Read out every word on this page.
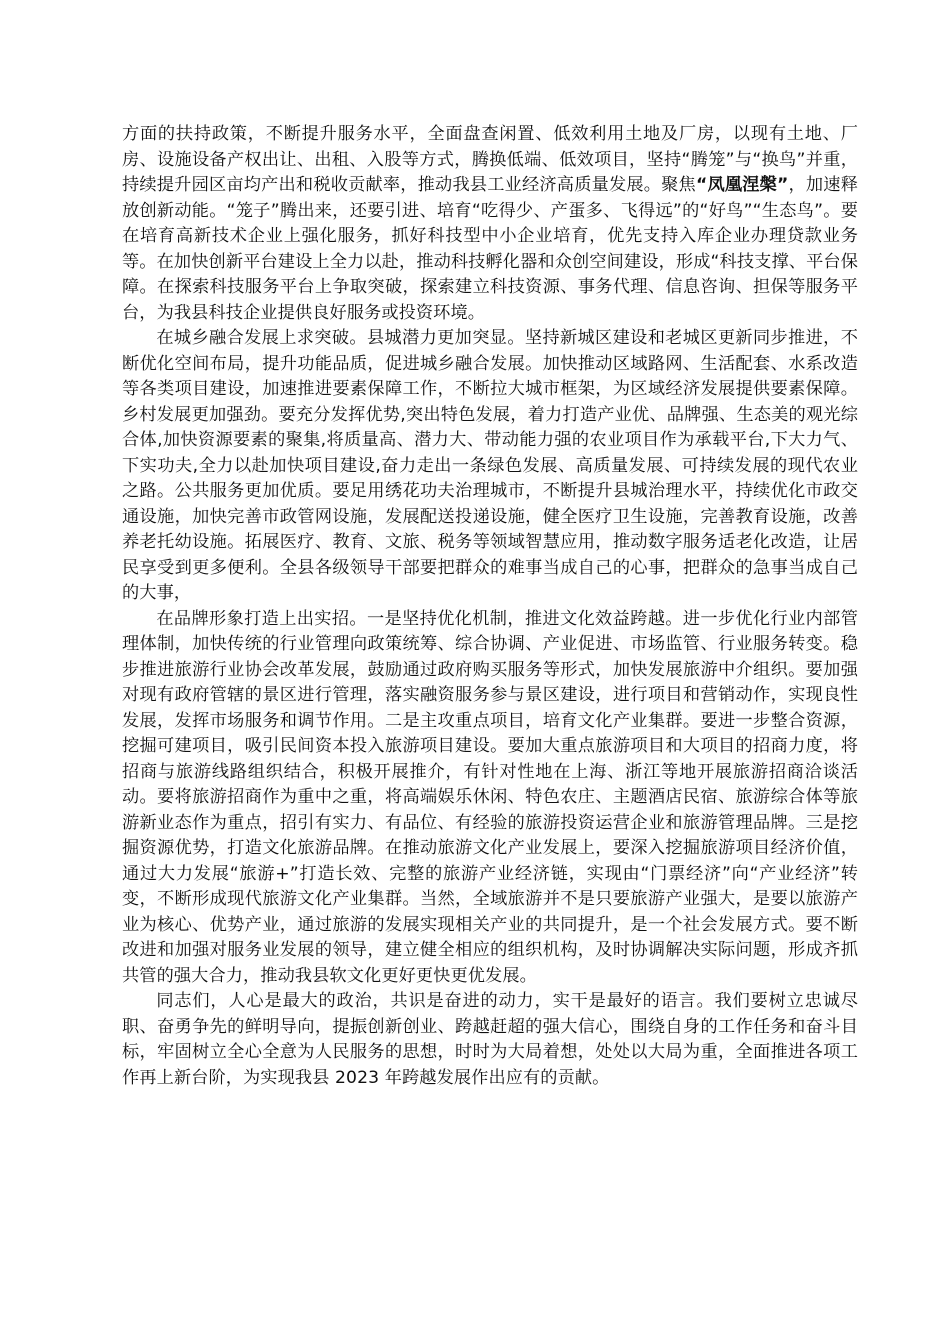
方面的扶持政策，不断提升服务水平，全面盘查闲置、低效利用土地及厂房，以现有土地、厂房、设施设备产权出让、出租、入股等方式，腾换低端、低效项目，坚持“腾笼”与“换鸟”并重，持续提升园区亩均产出和税收贡献率，推动我县工业经济高质量发展。聚焦“凤凰涅槃”，加速释放创新动能。“笼子”腾出来，还要引进、培育“吃得少、产蛋多、飞得远”的“好鸟”“生态鸟”。要在培育高新技术企业上强化服务，抓好科技型中小企业培育，优先支持入库企业办理贷款业务等。在加快创新平台建设上全力以赴，推动科技孵化器和众创空间建设，形成“科技支撑、平台保障。在探索科技服务平台上争取突破，探索建立科技资源、事务代理、信息咨询、担保等服务平台，为我县科技企业提供良好服务或投资环境。

在城乡融合发展上求突破。县城潜力更加突显。坚持新城区建设和老城区更新同步推进，不断优化空间布局，提升功能品质，促进城乡融合发展。加快推动区域路网、生活配套、水系改造等各类项目建设，加速推进要素保障工作，不断拉大城市框架，为区域经济发展提供要素保障。乡村发展更加强劲。要充分发挥优势,突出特色发展，着力打造产业优、品牌强、生态美的观光综合体,加快资源要素的聚集,将质量高、潜力大、带动能力强的农业项目作为承载平台,下大力气、下实功夫,全力以赴加快项目建设,奋力走出一条绿色发展、高质量发展、可持续发展的现代农业之路。公共服务更加优质。要足用绣花功夫治理城市，不断提升县城治理水平，持续优化市政交通设施，加快完善市政管网设施，发展配送投递设施，健全医疗卫生设施，完善教育设施，改善养老托幼设施。拓展医疗、教育、文旅、税务等领域智慧应用，推动数字服务适老化改造，让居民享受到更多便利。全县各级领导干部要把群众的难事当成自己的心事，把群众的急事当成自己的大事，

在品牌形象打造上出实招。一是坚持优化机制，推进文化效益跨越。进一步优化行业内部管理体制，加快传统的行业管理向政策统筹、综合协调、产业促进、市场监管、行业服务转变。稳步推进旅游行业协会改革发展，鼓励通过政府购买服务等形式，加快发展旅游中介组织。要加强对现有政府管辖的景区进行管理，落实融资服务参与景区建设，进行项目和营销动作，实现良性发展，发挥市场服务和调节作用。二是主攻重点项目，培育文化产业集群。要进一步整合资源，挖掘可建项目，吸引民间资本投入旅游项目建设。要加大重点旅游项目和大项目的招商力度，将招商与旅游线路组织结合，积极开展推介，有针对性地在上海、浙江等地开展旅游招商洽谈活动。要将旅游招商作为重中之重，将高端娱乐休闲、特色农庄、主题酒店民宿、旅游综合体等旅游新业态作为重点，招引有实力、有品位、有经验的旅游投资运营企业和旅游管理品牌。三是挖掘资源优势，打造文化旅游品牌。在推动旅游文化产业发展上，要深入挖掘旅游项目经济价值，通过大力发展“旅游+”打造长效、完整的旅游产业经济链，实现由“门票经济”向“产业经济”转变，不断形成现代旅游文化产业集群。当然，全域旅游并不是只要旅游产业强大，是要以旅游产业为核心、优势产业，通过旅游的发展实现相关产业的共同提升，是一个社会发展方式。要不断改进和加强对服务业发展的领导，建立健全相应的组织机构，及时协调解决实际问题，形成齐抓共管的强大合力，推动我县软文化更好更快更优发展。

同志们，人心是最大的政治，共识是奋进的动力，实干是最好的语言。我们要树立忠诚尽职、奋勇争先的鲜明导向，提振创新创业、跨越赶超的强大信心，围绕自身的工作任务和奋斗目标，牢固树立全心全意为人民服务的思想，时时为大局着想，处处以大局为重，全面推进各项工作再上新台阶，为实现我县 2023 年跨越发展作出应有的贡献。
